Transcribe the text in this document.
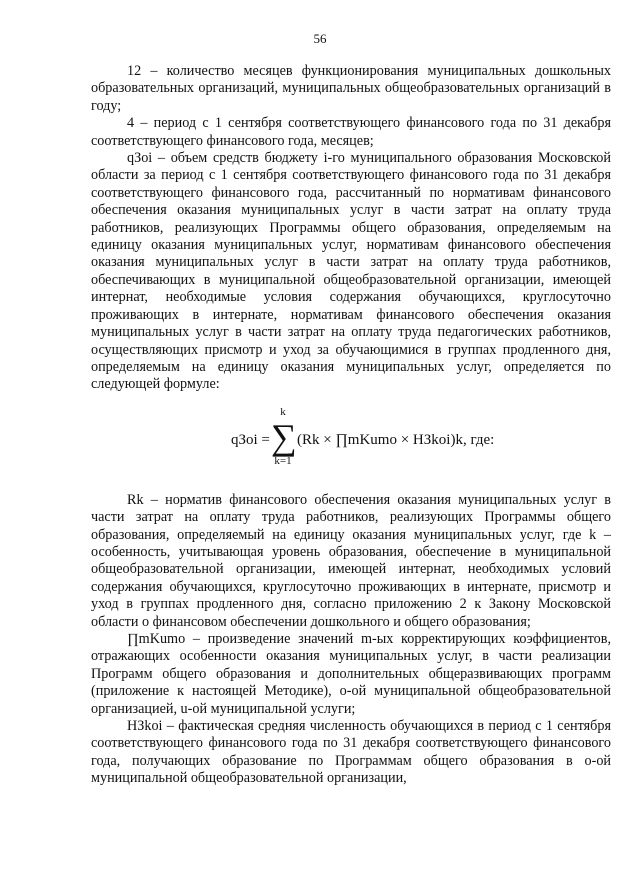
56

12 – количество месяцев функционирования муниципальных дошкольных образовательных организаций, муниципальных общеобразовательных организаций в году;

4 – период с 1 сентября соответствующего финансового года по 31 декабря соответствующего финансового года, месяцев;

qЗoi – объем средств бюджету i-го муниципального образования Московской области за период с 1 сентября соответствующего финансового года по 31 декабря соответствующего финансового года, рассчитанный по нормативам финансового обеспечения оказания муниципальных услуг в части затрат на оплату труда работников, реализующих Программы общего образования, определяемым на единицу оказания муниципальных услуг, нормативам финансового обеспечения оказания муниципальных услуг в части затрат на оплату труда работников, обеспечивающих в муниципальной общеобразовательной организации, имеющей интернат, необходимые условия содержания обучающихся, круглосуточно проживающих в интернате, нормативам финансового обеспечения оказания муниципальных услуг в части затрат на оплату труда педагогических работников, осуществляющих присмотр и уход за обучающимися в группах продленного дня, определяемым на единицу оказания муниципальных услуг, определяется по следующей формуле:

qЗoi =
k
∑
k=1
(Rk × ∏mKumo × НЗkoi)k, где:

Rk – норматив финансового обеспечения оказания муниципальных услуг в части затрат на оплату труда работников, реализующих Программы общего образования, определяемый на единицу оказания муниципальных услуг, где k – особенность, учитывающая уровень образования, обеспечение в муниципальной общеобразовательной организации, имеющей интернат, необходимых условий содержания обучающихся, круглосуточно проживающих в интернате, присмотр и уход в группах продленного дня, согласно приложению 2 к Закону Московской области о финансовом обеспечении дошкольного и общего образования;

∏mKumo – произведение значений m-ых корректирующих коэффициентов, отражающих особенности оказания муниципальных услуг, в части реализации Программ общего образования и дополнительных общеразвивающих программ (приложение к настоящей Методике), о-ой муниципальной общеобразовательной организацией, u-ой муниципальной услуги;

НЗkoi – фактическая средняя численность обучающихся в период с 1 сентября соответствующего финансового года по 31 декабря соответствующего финансового года, получающих образование по Программам общего образования в о-ой муниципальной общеобразовательной организации,
